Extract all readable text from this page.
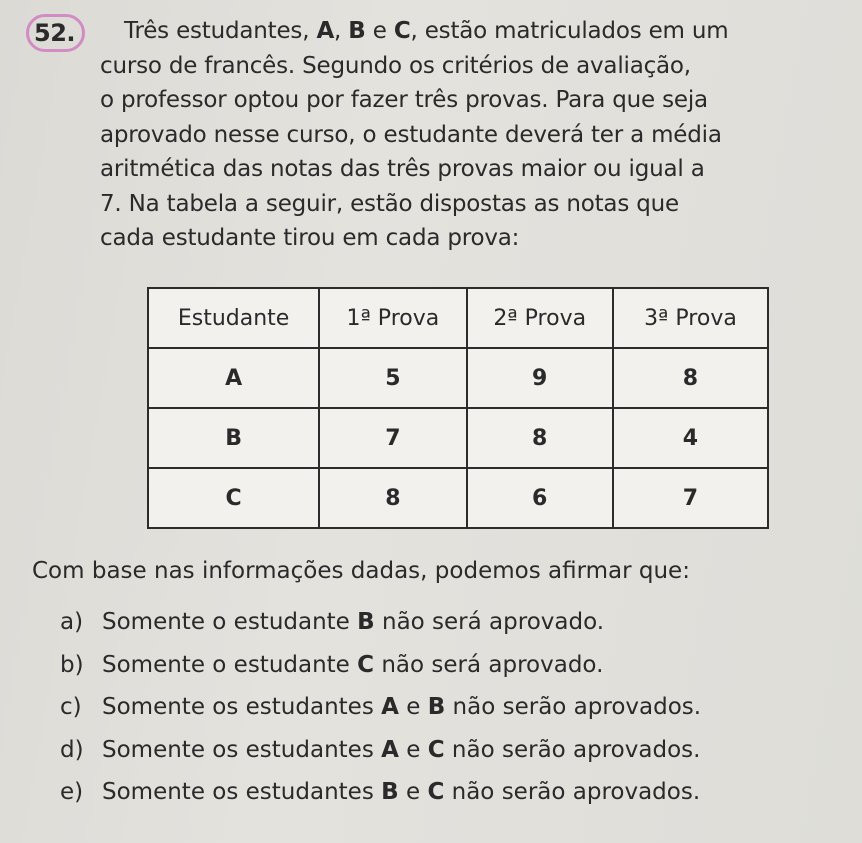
52.	Três estudantes, A, B e C, estão matriculados em um
curso de francês. Segundo os critérios de avaliação,
o professor optou por fazer três provas. Para que seja
aprovado nesse curso, o estudante deverá ter a média
aritmética das notas das três provas maior ou igual a
7. Na tabela a seguir, estão dispostas as notas que
cada estudante tirou em cada prova:
Estudante	1ª Prova	2ª Prova	3ª Prova
A	5	9	8
B	7	8	4
C	8	6	7
Com base nas informações dadas, podemos afirmar que:
a) Somente o estudante B não será aprovado.
b) Somente o estudante C não será aprovado.
c) Somente os estudantes A e B não serão aprovados.
d) Somente os estudantes A e C não serão aprovados.
e) Somente os estudantes B e C não serão aprovados.
